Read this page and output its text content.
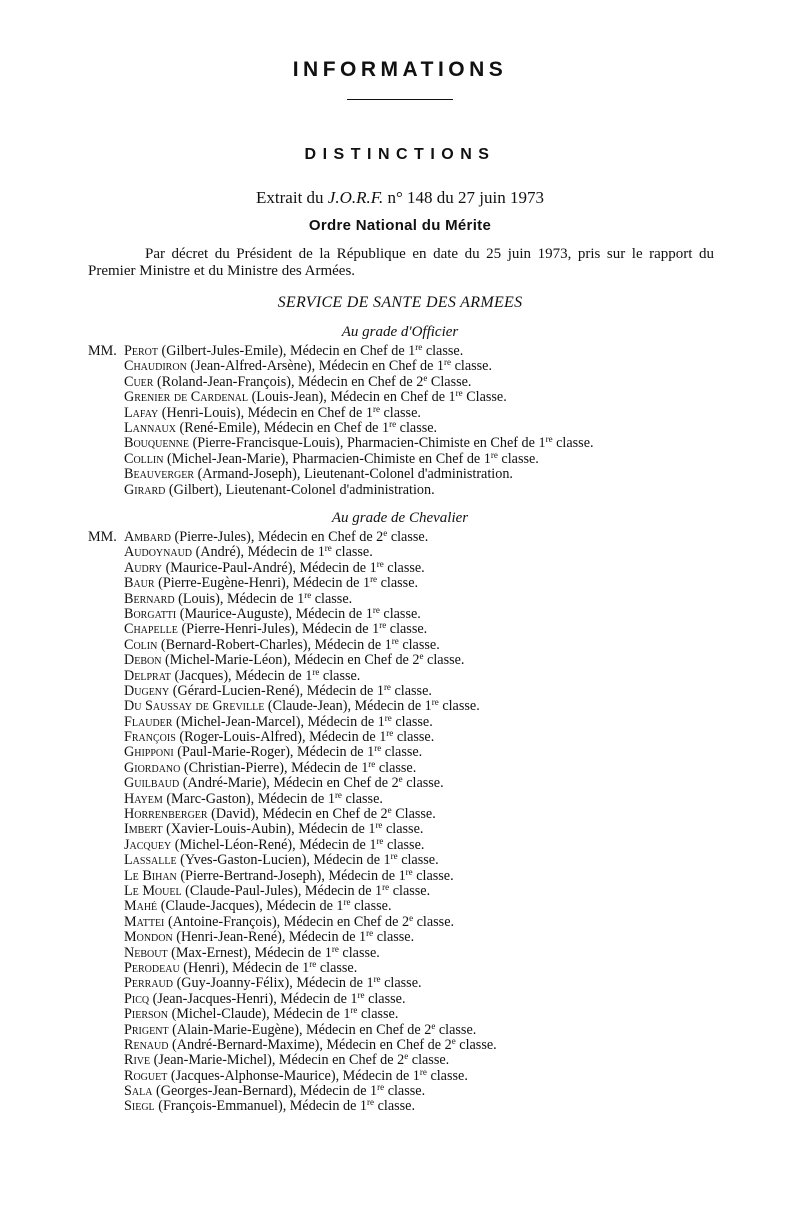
INFORMATIONS
DISTINCTIONS
Extrait du J.O.R.F. n° 148 du 27 juin 1973
Ordre National du Mérite
Par décret du Président de la République en date du 25 juin 1973, pris sur le rapport du Premier Ministre et du Ministre des Armées.
SERVICE DE SANTE DES ARMEES
Au grade d'Officier
MM. Perot (Gilbert-Jules-Emile), Médecin en Chef de 1re classe.
Chaudiron (Jean-Alfred-Arsène), Médecin en Chef de 1re classe.
Cuer (Roland-Jean-François), Médecin en Chef de 2e Classe.
Grenier de Cardenal (Louis-Jean), Médecin en Chef de 1re Classe.
Lafay (Henri-Louis), Médecin en Chef de 1re classe.
Lannaux (René-Emile), Médecin en Chef de 1re classe.
Bouquenne (Pierre-Francisque-Louis), Pharmacien-Chimiste en Chef de 1re classe.
Collin (Michel-Jean-Marie), Pharmacien-Chimiste en Chef de 1re classe.
Beauverger (Armand-Joseph), Lieutenant-Colonel d'administration.
Girard (Gilbert), Lieutenant-Colonel d'administration.
Au grade de Chevalier
MM. Ambard (Pierre-Jules), Médecin en Chef de 2e classe.
Audoynaud (André), Médecin de 1re classe.
Audry (Maurice-Paul-André), Médecin de 1re classe.
Baur (Pierre-Eugène-Henri), Médecin de 1re classe.
Bernard (Louis), Médecin de 1re classe.
Borgatti (Maurice-Auguste), Médecin de 1re classe.
Chapelle (Pierre-Henri-Jules), Médecin de 1re classe.
Colin (Bernard-Robert-Charles), Médecin de 1re classe.
Debon (Michel-Marie-Léon), Médecin en Chef de 2e classe.
Delprat (Jacques), Médecin de 1re classe.
Dugeny (Gérard-Lucien-René), Médecin de 1re classe.
Du Saussay de Greville (Claude-Jean), Médecin de 1re classe.
Flauder (Michel-Jean-Marcel), Médecin de 1re classe.
François (Roger-Louis-Alfred), Médecin de 1re classe.
Ghipponi (Paul-Marie-Roger), Médecin de 1re classe.
Giordano (Christian-Pierre), Médecin de 1re classe.
Guilbaud (André-Marie), Médecin en Chef de 2e classe.
Hayem (Marc-Gaston), Médecin de 1re classe.
Horrenberger (David), Médecin en Chef de 2e Classe.
Imbert (Xavier-Louis-Aubin), Médecin de 1re classe.
Jacquey (Michel-Léon-René), Médecin de 1re classe.
Lassalle (Yves-Gaston-Lucien), Médecin de 1re classe.
Le Bihan (Pierre-Bertrand-Joseph), Médecin de 1re classe.
Le Mouel (Claude-Paul-Jules), Médecin de 1re classe.
Mahé (Claude-Jacques), Médecin de 1re classe.
Mattei (Antoine-François), Médecin en Chef de 2e classe.
Mondon (Henri-Jean-René), Médecin de 1re classe.
Nebout (Max-Ernest), Médecin de 1re classe.
Perodeau (Henri), Médecin de 1re classe.
Perraud (Guy-Joanny-Félix), Médecin de 1re classe.
Picq (Jean-Jacques-Henri), Médecin de 1re classe.
Pierson (Michel-Claude), Médecin de 1re classe.
Prigent (Alain-Marie-Eugène), Médecin en Chef de 2e classe.
Renaud (André-Bernard-Maxime), Médecin en Chef de 2e classe.
Rive (Jean-Marie-Michel), Médecin en Chef de 2e classe.
Roguet (Jacques-Alphonse-Maurice), Médecin de 1re classe.
Sala (Georges-Jean-Bernard), Médecin de 1re classe.
Siegl (François-Emmanuel), Médecin de 1re classe.
